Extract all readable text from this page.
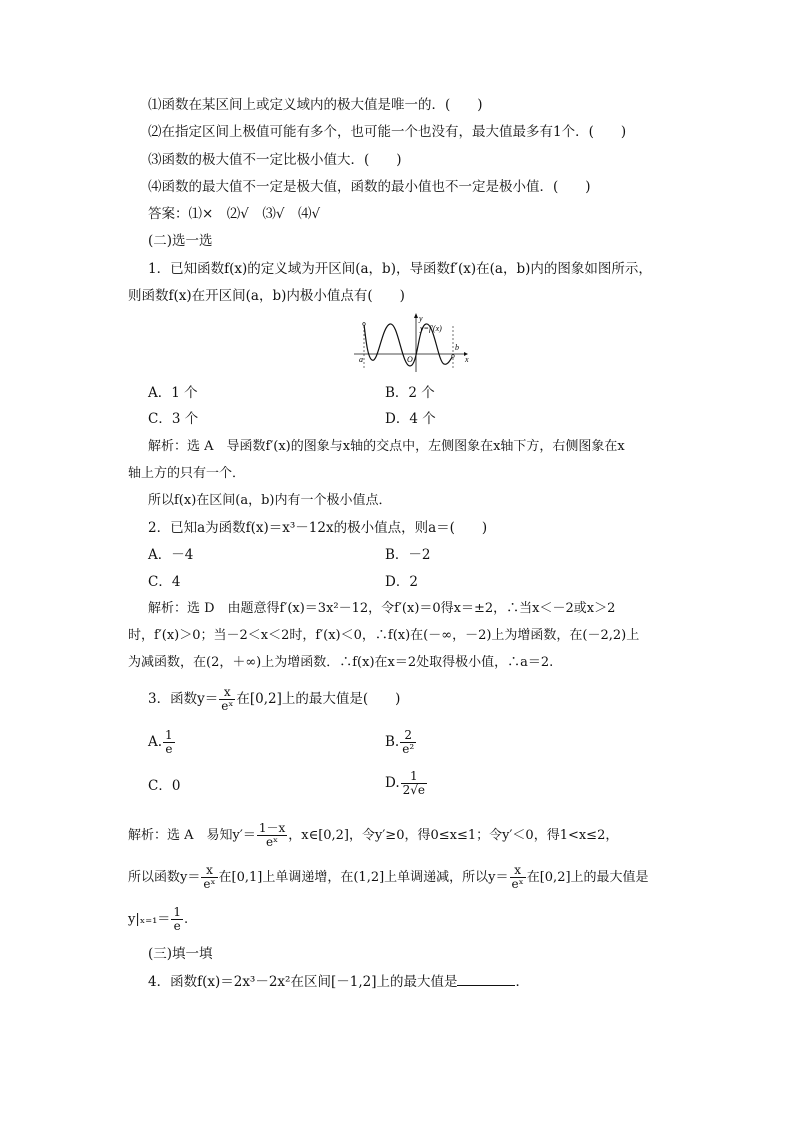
⑴函数在某区间上或定义域内的极大值是唯一的．(　　)
⑵在指定区间上极值可能有多个，也可能一个也没有，最大值最多有1个．(　　)
⑶函数的极大值不一定比极小值大．(　　)
⑷函数的最大值不一定是极大值，函数的最小值也不一定是极小值．(　　)
答案：⑴×　⑵√　⑶√　⑷√
(二)选一选
1．已知函数f(x)的定义域为开区间(a，b)，导函数f′(x)在(a，b)内的图象如图所示，
则函数f(x)在开区间(a，b)内极小值点有(　　)
y
y=f′(x)
x
O
a
b
A．1 个	B．2 个
C．3 个	D．4 个
解析：选 A　导函数f′(x)的图象与x轴的交点中，左侧图象在x轴下方，右侧图象在x
轴上方的只有一个．
所以f(x)在区间(a，b)内有一个极小值点．
2．已知a为函数f(x)＝x³－12x的极小值点，则a＝(　　)
A．－4	B．－2
C．4	D．2
解析：选 D　由题意得f′(x)＝3x²－12，令f′(x)＝0得x＝±2，∴当x＜－2或x＞2
时，f′(x)＞0；当－2＜x＜2时，f′(x)＜0，∴f(x)在(－∞，－2)上为增函数，在(－2,2)上
为减函数，在(2，＋∞)上为增函数．∴f(x)在x＝2处取得极小值，∴a＝2.
3．函数$y= \frac{x}{\text{eˣ}}$ 在[0,2]上的最大值是(　　)
A. $\frac{1}{e}$	B. $\frac{2}{\text{e²}}$
C．0	D. $\frac{1}{2√e}$
解析：选 A　易知$y'= \frac{1-x}{\text{eˣ}}$ ，x∈[0,2]，令y′≥0，得0≤x≤1；令y′＜0，得1<x≤2，
所以函数$y= \frac{x}{\text{eˣ}}$ 在[0,1]上单调递增，在(1,2]上单调递减，所以$y= \frac{x}{\text{eˣ}}$ 在[0,2]上的最大值是
$y|_{x=1}= \frac{1}{e}$ .
(三)填一填
4．函数f(x)＝2x³－2x²在区间[－1,2]上的最大值是	．
